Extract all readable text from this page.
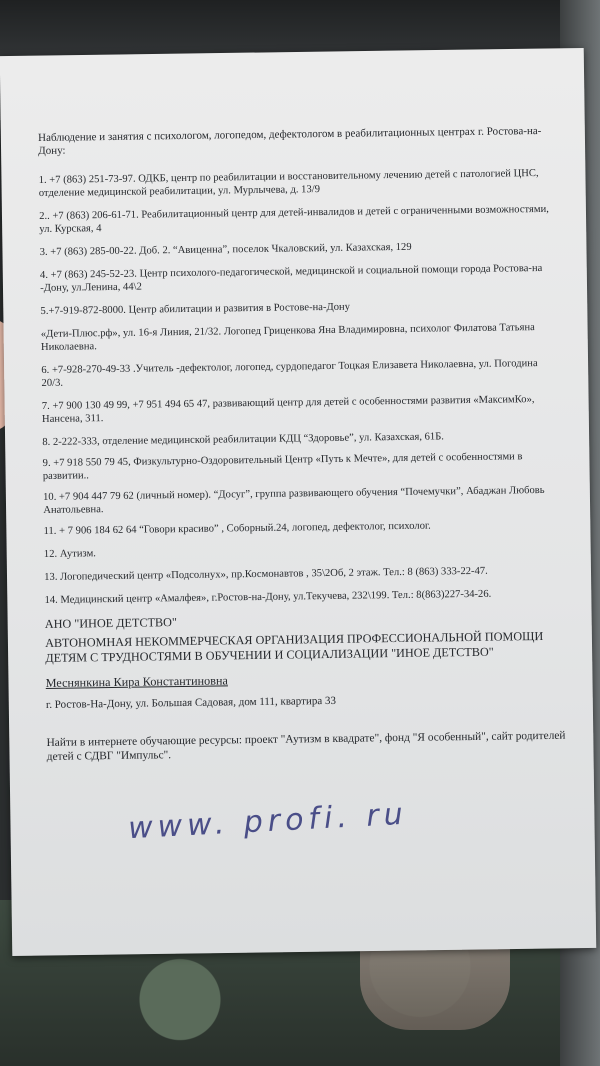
Наблюдение и занятия с психологом, логопедом, дефектологом в реабилитационных центрах г. Ростова-на-Дону:

1. +7 (863) 251-73-97. ОДКБ, центр по реабилитации и восстановительному лечению детей с патологией ЦНС, отделение медицинской реабилитации, ул. Мурлычева, д. 13/9

2.. +7 (863) 206-61-71. Реабилитационный центр для детей-инвалидов и детей с ограниченными возможностями, ул. Курская, 4

3. +7 (863) 285-00-22. Доб. 2. “Авиценна”, поселок Чкаловский, ул. Казахская, 129

4. +7 (863) 245-52-23. Центр психолого-педагогической, медицинской и социальной помощи города Ростова-на -Дону, ул.Ленина, 44\2

5.+7-919-872-8000. Центр абилитации и развития в Ростове-на-Дону

«Дети-Плюс.рф», ул. 16-я Линия, 21/32. Логопед Гриценкова Яна Владимировна, психолог Филатова Татьяна Николаевна.

6. +7-928-270-49-33 .Учитель -дефектолог, логопед, сурдопедагог Тоцкая Елизавета Николаевна, ул. Погодина 20/3.

7. +7 900 130 49 99, +7 951 494 65 47, развивающий центр для детей с особенностями развития «МаксимКо», Нансена, 311.

8. 2-222-333, отделение медицинской реабилитации КДЦ “Здоровье”, ул. Казахская, 61Б.

9. +7 918 550 79 45, Физкультурно-Оздоровительный Центр «Путь к Мечте», для детей с особенностями в развитии..

10. +7 904 447 79 62 (личный номер). “Досуг”, группа развивающего обучения “Почемучки”, Абаджан Любовь Анатольевна.

11. + 7 906 184 62 64 “Говори красиво” , Соборный.24, логопед, дефектолог, психолог.

12. Аутизм.

13. Логопедический центр «Подсолнух», пр.Космонавтов , 35\2Об, 2 этаж. Тел.: 8 (863) 333-22-47.

14. Медицинский центр «Амалфея», г.Ростов-на-Дону, ул.Текучева, 232\199. Тел.: 8(863)227-34-26.

АНО "ИНОЕ ДЕТСТВО"

АВТОНОМНАЯ НЕКОММЕРЧЕСКАЯ ОРГАНИЗАЦИЯ ПРОФЕССИОНАЛЬНОЙ ПОМОЩИ ДЕТЯМ С ТРУДНОСТЯМИ В ОБУЧЕНИИ И СОЦИАЛИЗАЦИИ "ИНОЕ ДЕТСТВО"

Меснянкина Кира Константиновна

г. Ростов-На-Дону, ул. Большая Садовая, дом 111, квартира 33

Найти в интернете обучающие ресурсы: проект "Аутизм в квадрате", фонд "Я особенный", сайт родителей детей с СДВГ "Импульс".

www. profi. ru
